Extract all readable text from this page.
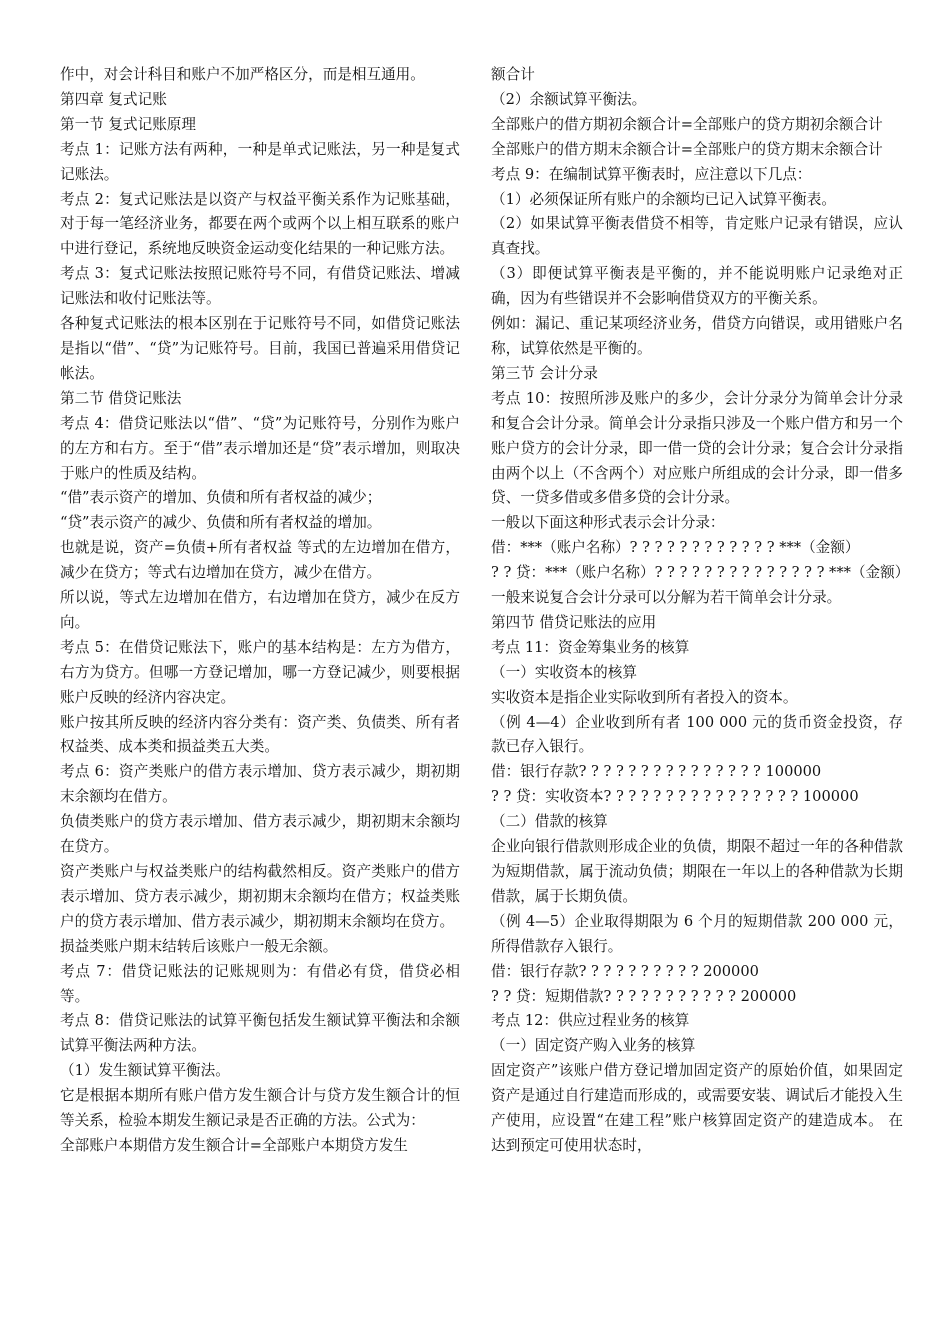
作中，对会计科目和账户不加严格区分，而是相互通用。

第四章 复式记账

第一节 复式记账原理

考点 1：记账方法有两种，一种是单式记账法，另一种是复式记账法。

考点 2：复式记账法是以资产与权益平衡关系作为记账基础，对于每一笔经济业务，都要在两个或两个以上相互联系的账户中进行登记，系统地反映资金运动变化结果的一种记账方法。

考点 3：复式记账法按照记账符号不同，有借贷记账法、增减记账法和收付记账法等。

各种复式记账法的根本区别在于记账符号不同，如借贷记账法是指以“借”、“贷”为记账符号。目前，我国已普遍采用借贷记帐法。

第二节 借贷记账法

考点 4：借贷记账法以“借”、“贷”为记账符号，分别作为账户的左方和右方。至于“借”表示增加还是“贷”表示增加，则取决于账户的性质及结构。

“借”表示资产的增加、负债和所有者权益的减少；

“贷”表示资产的减少、负债和所有者权益的增加。

也就是说，资产=负债+所有者权益 等式的左边增加在借方，减少在贷方；等式右边增加在贷方，减少在借方。

所以说，等式左边增加在借方，右边增加在贷方，减少在反方向。

考点 5：在借贷记账法下，账户的基本结构是：左方为借方，右方为贷方。但哪一方登记增加，哪一方登记减少，则要根据账户反映的经济内容决定。

账户按其所反映的经济内容分类有：资产类、负债类、所有者权益类、成本类和损益类五大类。

考点 6：资产类账户的借方表示增加、贷方表示减少，期初期末余额均在借方。

负债类账户的贷方表示增加、借方表示减少，期初期末余额均在贷方。

资产类账户与权益类账户的结构截然相反。资产类账户的借方表示增加、贷方表示减少，期初期末余额均在借方；权益类账户的贷方表示增加、借方表示减少，期初期末余额均在贷方。

损益类账户期末结转后该账户一般无余额。

考点 7：借贷记账法的记账规则为：有借必有贷，借贷必相等。

考点 8：借贷记账法的试算平衡包括发生额试算平衡法和余额试算平衡法两种方法。

（1）发生额试算平衡法。

它是根据本期所有账户借方发生额合计与贷方发生额合计的恒等关系，检验本期发生额记录是否正确的方法。公式为：

全部账户本期借方发生额合计=全部账户本期贷方发生

额合计

（2）余额试算平衡法。

全部账户的借方期初余额合计=全部账户的贷方期初余额合计

全部账户的借方期末余额合计=全部账户的贷方期末余额合计

考点 9：在编制试算平衡表时，应注意以下几点：

（1）必须保证所有账户的余额均已记入试算平衡表。

（2）如果试算平衡表借贷不相等，肯定账户记录有错误，应认真查找。

（3）即便试算平衡表是平衡的，并不能说明账户记录绝对正确，因为有些错误并不会影响借贷双方的平衡关系。

例如：漏记、重记某项经济业务，借贷方向错误，或用错账户名称，试算依然是平衡的。

第三节 会计分录

考点 10：按照所涉及账户的多少，会计分录分为简单会计分录和复合会计分录。简单会计分录指只涉及一个账户借方和另一个账户贷方的会计分录，即一借一贷的会计分录；复合会计分录指由两个以上（不含两个）对应账户所组成的会计分录，即一借多贷、一贷多借或多借多贷的会计分录。

一般以下面这种形式表示会计分录：

借：***（账户名称）? ? ? ? ? ? ? ? ? ? ? ? ***（金额）

? ? 贷：***（账户名称）? ? ? ? ? ? ? ? ? ? ? ? ? ? ***（金额）

一般来说复合会计分录可以分解为若干简单会计分录。

第四节 借贷记账法的应用

考点 11：资金筹集业务的核算

（一）实收资本的核算

实收资本是指企业实际收到所有者投入的资本。

（例 4—4）企业收到所有者 100 000 元的货币资金投资，存款已存入银行。

借：银行存款? ? ? ? ? ? ? ? ? ? ? ? ? ? ? 100000

? ? 贷：实收资本? ? ? ? ? ? ? ? ? ? ? ? ? ? ? ? 100000

（二）借款的核算

企业向银行借款则形成企业的负债，期限不超过一年的各种借款为短期借款，属于流动负债；期限在一年以上的各种借款为长期借款，属于长期负债。

（例 4—5）企业取得期限为 6 个月的短期借款 200 000 元，所得借款存入银行。

借：银行存款? ? ? ? ? ? ? ? ? ? 200000

? ? 贷：短期借款? ? ? ? ? ? ? ? ? ? ? 200000

考点 12：供应过程业务的核算

（一）固定资产购入业务的核算

固定资产”该账户借方登记增加固定资产的原始价值，如果固定资产是通过自行建造而形成的，或需要安装、调试后才能投入生产使用，应设置“在建工程”账户核算固定资产的建造成本。 在达到预定可使用状态时，
